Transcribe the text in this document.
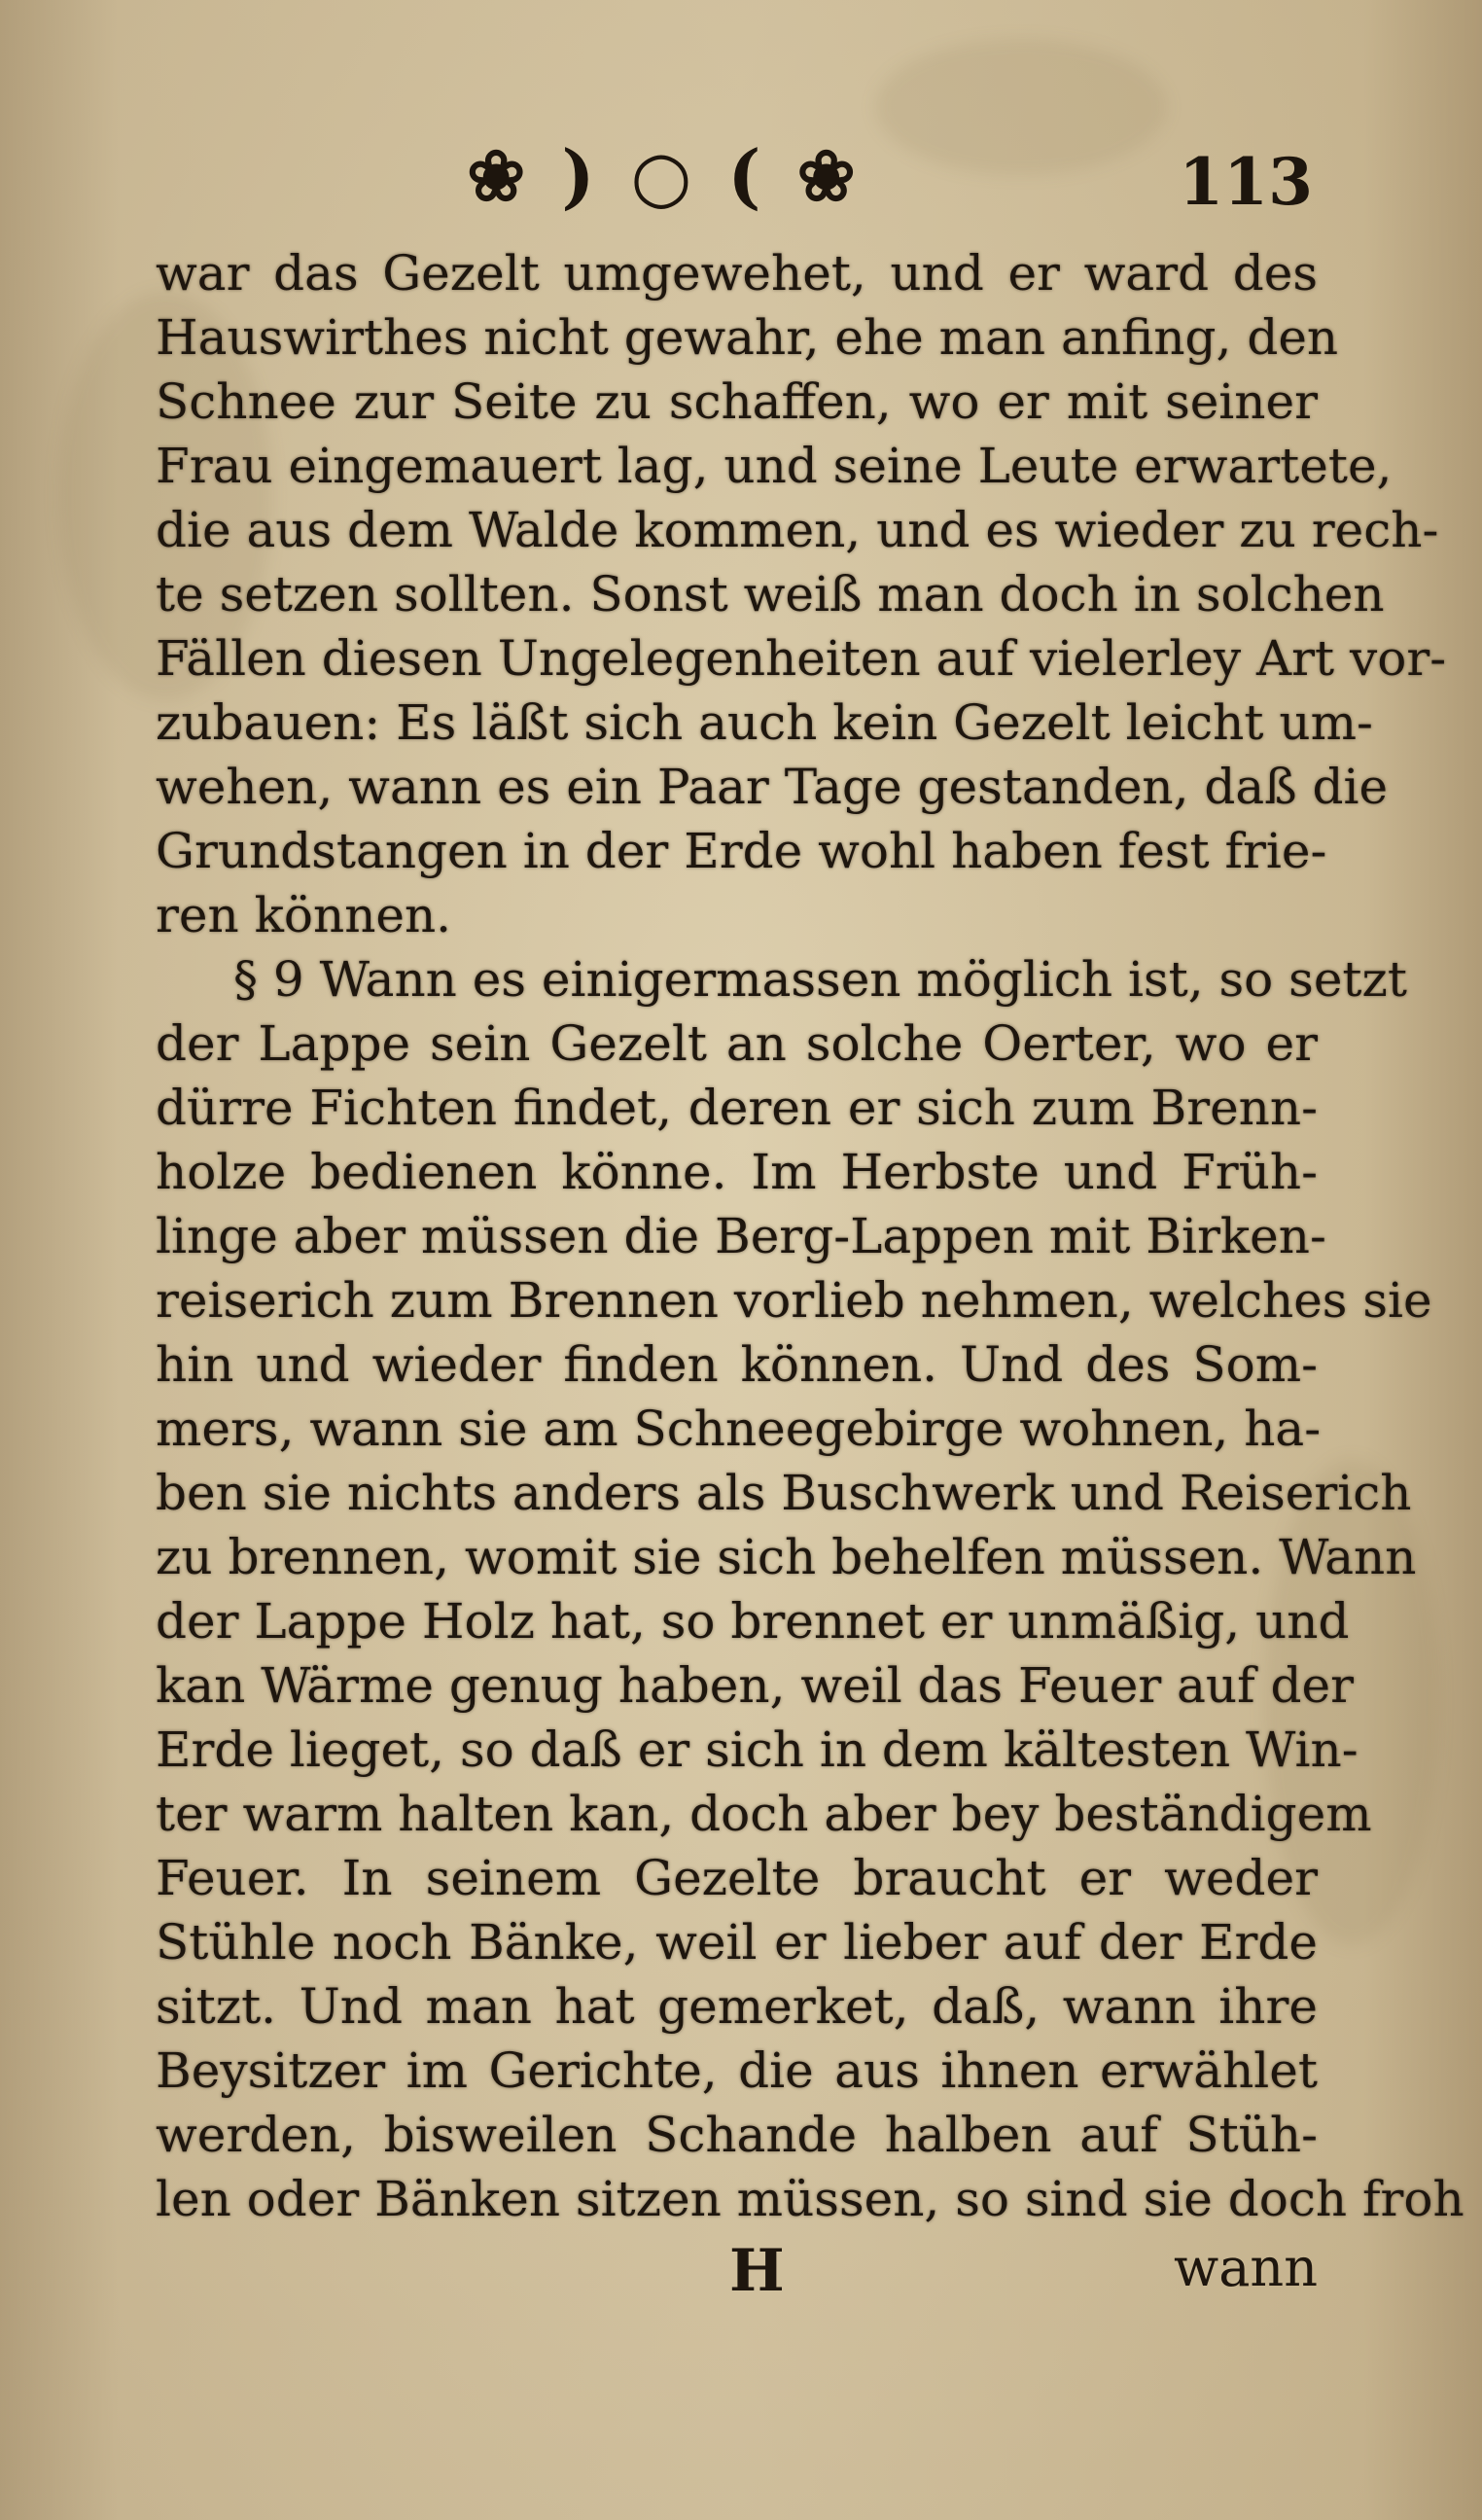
❀ ) ○ ( ❀	113
war das Gezelt umgewehet, und er ward des
Hauswirthes nicht gewahr, ehe man anfing, den
Schnee zur Seite zu schaffen, wo er mit seiner
Frau eingemauert lag, und seine Leute erwartete,
die aus dem Walde kommen, und es wieder zu rech-
te setzen sollten. Sonst weiß man doch in solchen
Fällen diesen Ungelegenheiten auf vielerley Art vor-
zubauen: Es läßt sich auch kein Gezelt leicht um-
wehen, wann es ein Paar Tage gestanden, daß die
Grundstangen in der Erde wohl haben fest frie-
ren können.
§ 9 Wann es einigermassen möglich ist, so setzt
der Lappe sein Gezelt an solche Oerter, wo er
dürre Fichten findet, deren er sich zum Brenn-
holze bedienen könne. Im Herbste und Früh-
linge aber müssen die Berg-Lappen mit Birken-
reiserich zum Brennen vorlieb nehmen, welches sie
hin und wieder finden können. Und des Som-
mers, wann sie am Schneegebirge wohnen, ha-
ben sie nichts anders als Buschwerk und Reiserich
zu brennen, womit sie sich behelfen müssen. Wann
der Lappe Holz hat, so brennet er unmäßig, und
kan Wärme genug haben, weil das Feuer auf der
Erde lieget, so daß er sich in dem kältesten Win-
ter warm halten kan, doch aber bey beständigem
Feuer. In seinem Gezelte braucht er weder
Stühle noch Bänke, weil er lieber auf der Erde
sitzt. Und man hat gemerket, daß, wann ihre
Beysitzer im Gerichte, die aus ihnen erwählet
werden, bisweilen Schande halben auf Stüh-
len oder Bänken sitzen müssen, so sind sie doch froh
H	wann
